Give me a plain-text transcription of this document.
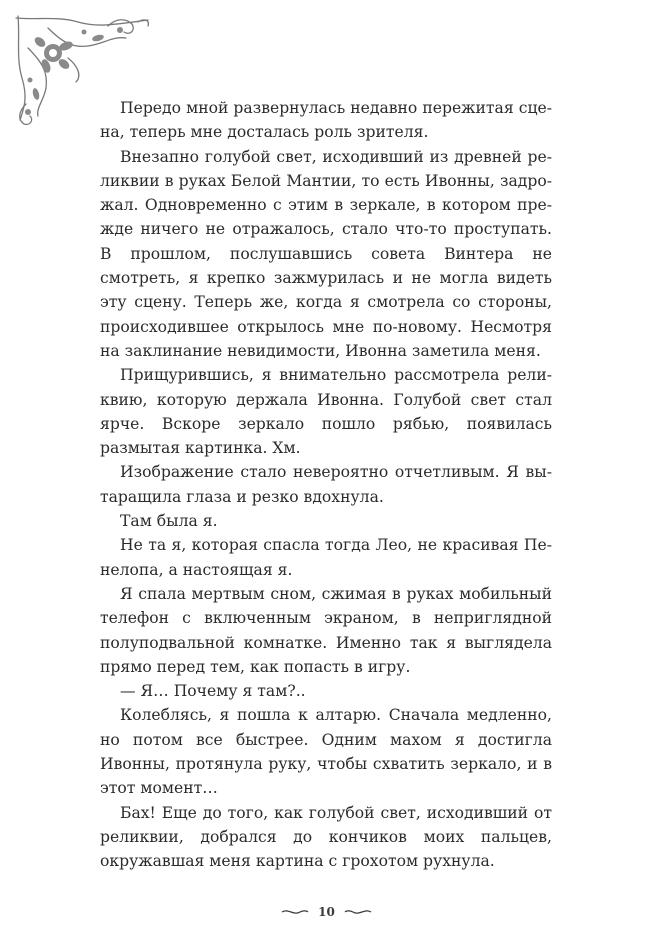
Передо мной развернулась недавно пережитая сцена, теперь мне досталась роль зрителя.

Внезапно голубой свет, исходивший из древней реликвии в руках Белой Мантии, то есть Ивонны, задрожал. Одновременно с этим в зеркале, в котором прежде ничего не отражалось, стало что-то проступать. В прошлом, послушавшись совета Винтера не смотреть, я крепко зажмурилась и не могла видеть эту сцену. Теперь же, когда я смотрела со стороны, происходившее открылось мне по-новому. Несмотря на заклинание невидимости, Ивонна заметила меня.

Прищурившись, я внимательно рассмотрела реликвию, которую держала Ивонна. Голубой свет стал ярче. Вскоре зеркало пошло рябью, появилась размытая картинка. Хм.

Изображение стало невероятно отчетливым. Я вытаращила глаза и резко вдохнула.

Там была я.

Не та я, которая спасла тогда Лео, не красивая Пенелопа, а настоящая я.

Я спала мертвым сном, сжимая в руках мобильный телефон с включенным экраном, в неприглядной полуподвальной комнатке. Именно так я выглядела прямо перед тем, как попасть в игру.

— Я… Почему я там?..

Колеблясь, я пошла к алтарю. Сначала медленно, но потом все быстрее. Одним махом я достигла Ивонны, протянула руку, чтобы схватить зеркало, и в этот момент…

Бах! Еще до того, как голубой свет, исходивший от реликвии, добрался до кончиков моих пальцев, окружавшая меня картина с грохотом рухнула.

10
